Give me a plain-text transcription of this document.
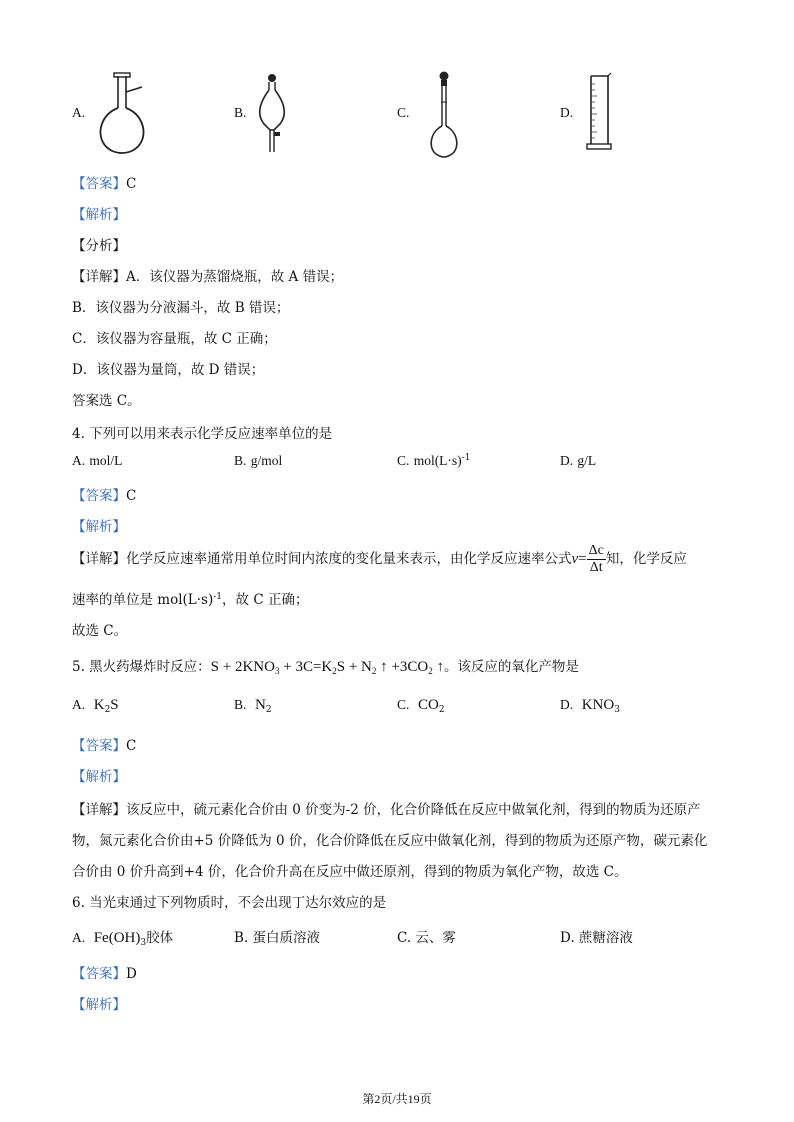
A.	B.	C.	D.
【答案】C
【解析】
【分析】
【详解】A．该仪器为蒸馏烧瓶，故 A 错误；
B．该仪器为分液漏斗，故 B 错误；
C．该仪器为容量瓶，故 C 正确；
D．该仪器为量筒，故 D 错误；
答案选 C。
4. 下列可以用来表示化学反应速率单位的是
A. mol/L	B. g/mol	C. $mol(L\cdot s)^{-1}$	D. g/L
【答案】C
【解析】
【详解】化学反应速率通常用单位时间内浓度的变化量来表示，由化学反应速率公式$v= \frac{\Delta c}{\Delta t}$ 知，化学反应
速率的单位是 $mol(L\cdot s)^{-1}$，故 C 正确；
故选 C。
5. 黑火药爆炸时反应：$S + 2KNO_3 + 3C=K_2S + N_2$ ↑ $+3CO_2$ ↑。该反应的氧化产物是
A. $K_2S$	B. $N_2$	C. $CO_2$	D. $KNO_3$
【答案】C
【解析】
【详解】该反应中，硫元素化合价由 0 价变为-2 价，化合价降低在反应中做氧化剂，得到的物质为还原产
物，氮元素化合价由+5 价降低为 0 价，化合价降低在反应中做氧化剂，得到的物质为还原产物，碳元素化
合价由 0 价升高到+4 价，化合价升高在反应中做还原剂，得到的物质为氧化产物，故选 C。
6. 当光束通过下列物质时，不会出现丁达尔效应的是
A. $Fe(OH)_3$胶体	B. 蛋白质溶液	C. 云、雾	D. 蔗糖溶液
【答案】D
【解析】
第2页/共19页
